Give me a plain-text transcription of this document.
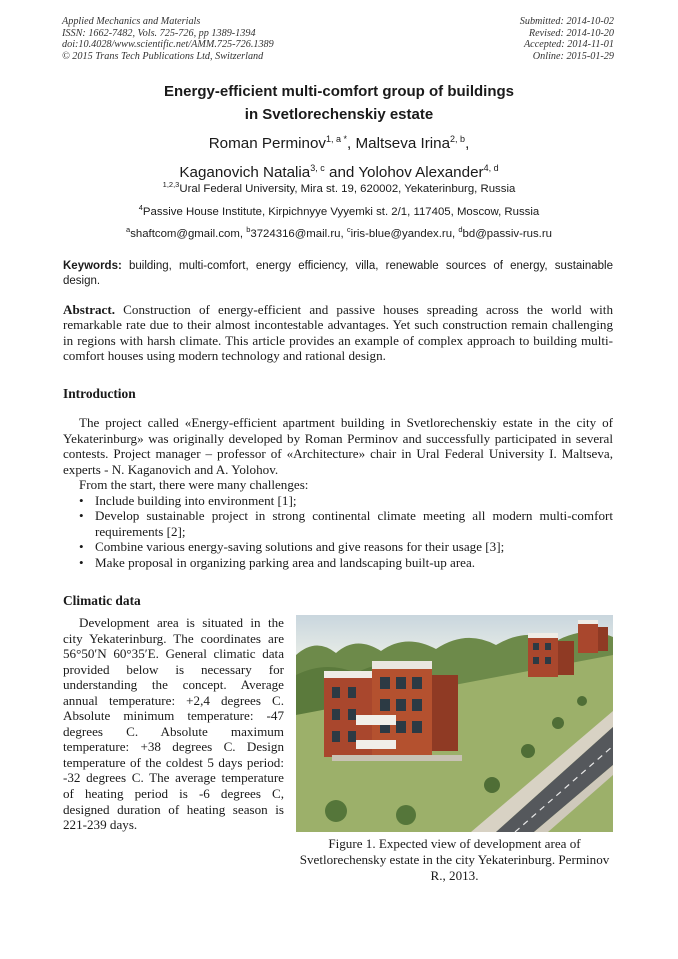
Applied Mechanics and Materials
ISSN: 1662-7482, Vols. 725-726, pp 1389-1394
doi:10.4028/www.scientific.net/AMM.725-726.1389
© 2015 Trans Tech Publications Ltd, Switzerland
Submitted: 2014-10-02
Revised: 2014-10-20
Accepted: 2014-11-01
Online: 2015-01-29
Energy-efficient multi-comfort group of buildings
in Svetlorechenskiy estate
Roman Perminov$^{1, a *}$, Maltseva Irina$^{2, b}$,
Kaganovich Natalia$^{3, c}$ and Yolohov Alexander$^{4, d}$
$^{1,2,3}$Ural Federal University, Mira st. 19, 620002, Yekaterinburg, Russia
$^4$Passive House Institute, Kirpichnyye Vyyemki st. 2/1, 117405, Moscow, Russia
$^a$shaftcom@gmail.com, $^b$3724316@mail.ru, $^c$iris-blue@yandex.ru, $^d$bd@passiv-rus.ru
Keywords: building, multi-comfort, energy efficiency, villa, renewable sources of energy, sustainable design.
Abstract. Construction of energy-efficient and passive houses spreading across the world with remarkable rate due to their almost incontestable advantages. Yet such construction remain challenging in regions with harsh climate. This article provides an example of complex approach to building multi-comfort houses using modern technology and rational design.
Introduction

The project called «Energy-efficient apartment building in Svetlorechenskiy estate in the city of Yekaterinburg» was originally developed by Roman Perminov and successfully participated in several contests. Project manager – professor of «Architecture» chair in Ural Federal University I. Maltseva, experts - N. Kaganovich and A. Yolohov.

From the start, there were many challenges:

• Include building into environment [1];
• Develop sustainable project in strong continental climate meeting all modern multi-comfort requirements [2];
• Combine various energy-saving solutions and give reasons for their usage [3];
• Make proposal in organizing parking area and landscaping built-up area.
Climatic data
Development area is situated in the city Yekaterinburg. The coordinates are 56°50′N 60°35′E. General climatic data provided below is necessary for understanding the concept. Average annual temperature: +2,4 degrees C. Absolute minimum temperature: -47 degrees C. Absolute maximum temperature: +38 degrees C. Design temperature of the coldest 5 days period: -32 degrees C. The average temperature of heating period is -6 degrees C, designed duration of heating season is 221-239 days.
Figure 1. Expected view of development area of Svetlorechensky estate in the city Yekaterinburg. Perminov R., 2013.
